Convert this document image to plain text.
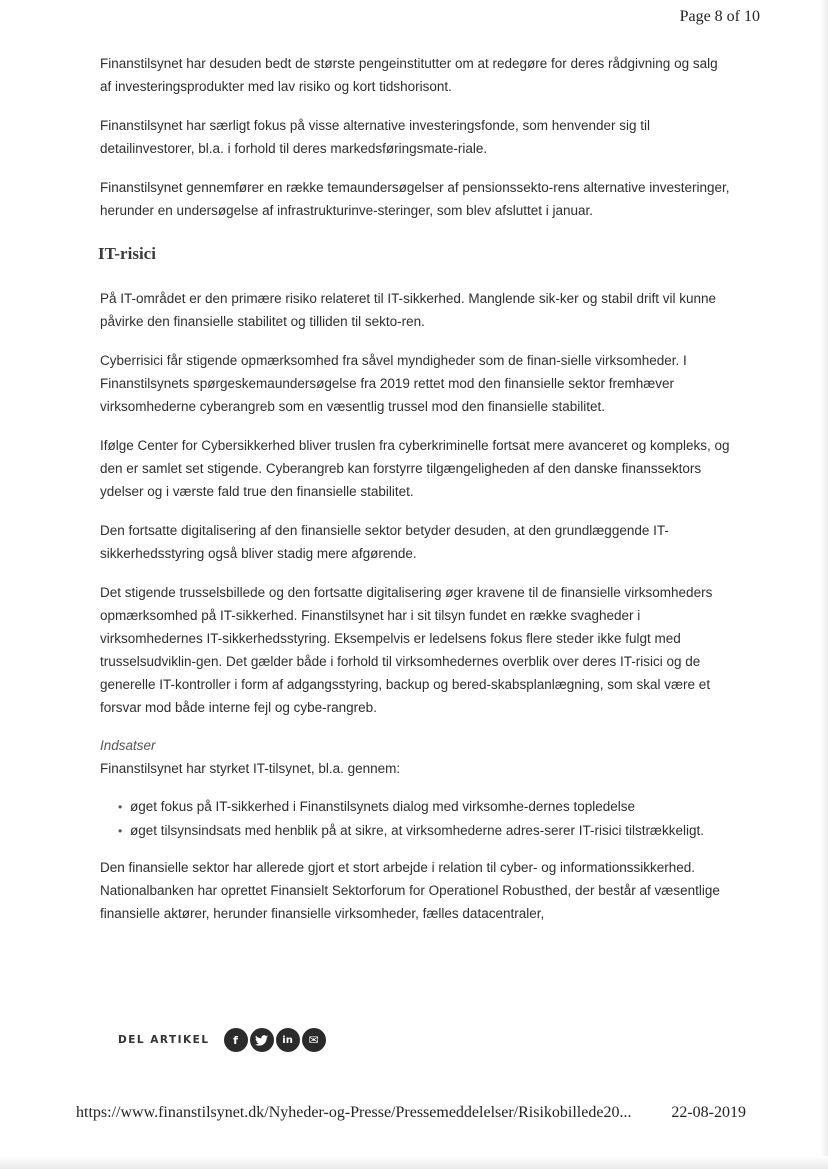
Page 8 of 10

Finanstilsynet har desuden bedt de største pengeinstitutter om at redegøre for deres rådgivning og salg af investeringsprodukter med lav risiko og kort tidshorisont.

Finanstilsynet har særligt fokus på visse alternative investeringsfonde, som henvender sig til detailinvestorer, bl.a. i forhold til deres markedsføringsmate-riale.

Finanstilsynet gennemfører en række temaundersøgelser af pensionssekto-rens alternative investeringer, herunder en undersøgelse af infrastrukturinve-steringer, som blev afsluttet i januar.

IT-risici

På IT-området er den primære risiko relateret til IT-sikkerhed. Manglende sik-ker og stabil drift vil kunne påvirke den finansielle stabilitet og tilliden til sekto-ren.

Cyberrisici får stigende opmærksomhed fra såvel myndigheder som de finan-sielle virksomheder. I Finanstilsynets spørgeskemaundersøgelse fra 2019 rettet mod den finansielle sektor fremhæver virksomhederne cyberangreb som en væsentlig trussel mod den finansielle stabilitet.

Ifølge Center for Cybersikkerhed bliver truslen fra cyberkriminelle fortsat mere avanceret og kompleks, og den er samlet set stigende. Cyberangreb kan forstyrre tilgængeligheden af den danske finanssektors ydelser og i værste fald true den finansielle stabilitet.

Den fortsatte digitalisering af den finansielle sektor betyder desuden, at den grundlæggende IT-sikkerhedsstyring også bliver stadig mere afgørende.

Det stigende trusselsbillede og den fortsatte digitalisering øger kravene til de finansielle virksomheders opmærksomhed på IT-sikkerhed. Finanstilsynet har i sit tilsyn fundet en række svagheder i virksomhedernes IT-sikkerhedsstyring. Eksempelvis er ledelsens fokus flere steder ikke fulgt med trusselsudviklin-gen. Det gælder både i forhold til virksomhedernes overblik over deres IT-risici og de generelle IT-kontroller i form af adgangsstyring, backup og bered-skabsplanlægning, som skal være et forsvar mod både interne fejl og cybe-rangreb.

Indsatser

Finanstilsynet har styrket IT-tilsynet, bl.a. gennem:

• øget fokus på IT-sikkerhed i Finanstilsynets dialog med virksomhe-dernes topledelse
• øget tilsynsindsats med henblik på at sikre, at virksomhederne adres-serer IT-risici tilstrækkeligt.

Den finansielle sektor har allerede gjort et stort arbejde i relation til cyber- og informationssikkerhed. Nationalbanken har oprettet Finansielt Sektorforum for Operationel Robusthed, der består af væsentlige finansielle aktører, herunder finansielle virksomheder, fælles datacentraler,

DEL ARTIKEL	f	in	✉
https://www.finanstilsynet.dk/Nyheder-og-Presse/Pressemeddelelser/Risikobillede20... 22-08-2019
